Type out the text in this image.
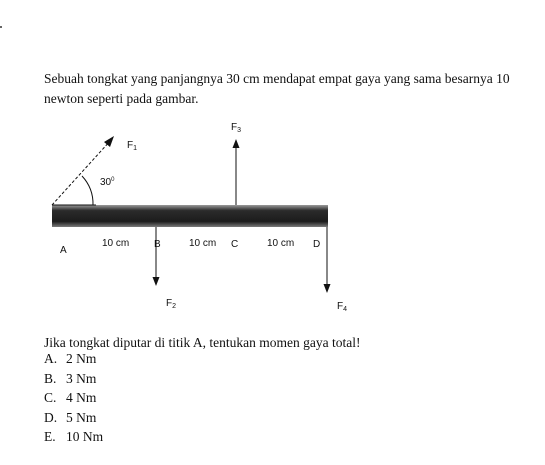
Sebuah tongkat yang panjangnya 30 cm mendapat empat gaya yang sama besarnya 10
newton seperti pada gambar.
$F_1$
$F_3$
$F_2$	$F_4$
$30^0$
A
B	C	D
10 cm	10 cm	10 cm
Jika tongkat diputar di titik A, tentukan momen gaya total!
A. 2 Nm
B. 3 Nm
C. 4 Nm
D. 5 Nm
E. 10 Nm
